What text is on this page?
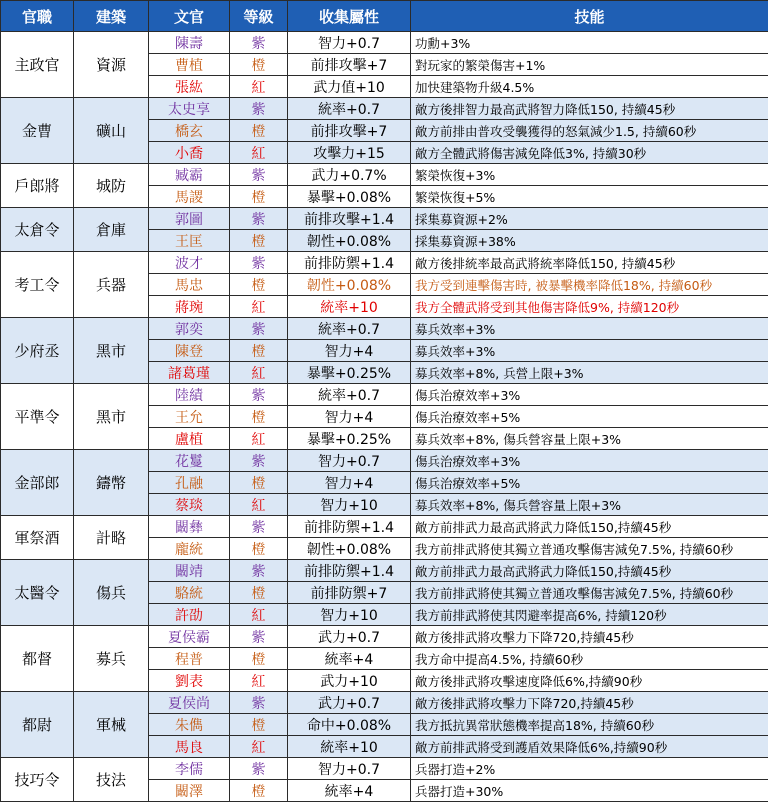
官職	建築	文官	等級	收集屬性	技能
主政官	資源	陳壽	紫	智力+0.7	功勳+3%
		曹植	橙	前排攻擊+7	對玩家的繁榮傷害+1%
		張紘	紅	武力值+10	加快建築物升級4.5%
金曹	礦山	太史享	紫	統率+0.7	敵方後排智力最高武將智力降低150, 持續45秒
		橋玄	橙	前排攻擊+7	敵方前排由普攻受襲獲得的怒氣減少1.5, 持續60秒
		小喬	紅	攻擊力+15	敵方全體武將傷害減免降低3%, 持續30秒
戶郎將	城防	臧霸	紫	武力+0.7%	繁榮恢復+3%
		馬謖	橙	暴擊+0.08%	繁榮恢復+5%
太倉令	倉庫	郭圖	紫	前排攻擊+1.4	採集募資源+2%
		王匡	橙	韌性+0.08%	採集募資源+38%
考工令	兵器	波才	紫	前排防禦+1.4	敵方後排統率最高武將統率降低150, 持續45秒
		馬忠	橙	韌性+0.08%	我方受到連擊傷害時, 被暴擊機率降低18%, 持續60秒
		蔣琬	紅	統率+10	我方全體武將受到其他傷害降低9%, 持續120秒
少府丞	黑市	郭奕	紫	統率+0.7	募兵效率+3%
		陳登	橙	智力+4	募兵效率+3%
		諸葛瑾	紅	暴擊+0.25%	募兵效率+8%, 兵營上限+3%
平準令	黑市	陸績	紫	統率+0.7	傷兵治療效率+3%
		王允	橙	智力+4	傷兵治療效率+5%
		盧植	紅	暴擊+0.25%	募兵效率+8%, 傷兵營容量上限+3%
金部郎	鑄幣	花鬘	紫	智力+0.7	傷兵治療效率+3%
		孔融	橙	智力+4	傷兵治療效率+5%
		蔡琰	紅	智力+10	募兵效率+8%, 傷兵營容量上限+3%
軍祭酒	計略	闞彝	紫	前排防禦+1.4	敵方前排武力最高武將武力降低150,持續45秒
		龐統	橙	韌性+0.08%	我方前排武將使其獨立普通攻擊傷害減免7.5%, 持續60秒
太醫令	傷兵	闞靖	紫	前排防禦+1.4	敵方前排武力最高武將武力降低150,持續45秒
		駱統	橙	前排防禦+7	我方前排武將使其獨立普通攻擊傷害減免7.5%, 持續60秒
		許劭	紅	智力+10	我方前排武將使其閃避率提高6%, 持續120秒
都督	募兵	夏侯霸	紫	武力+0.7	敵方後排武將攻擊力下降720,持續45秒
		程普	橙	統率+4	我方命中提高4.5%, 持續60秒
		劉表	紅	武力+10	敵方後排武將攻擊速度降低6%,持續90秒
都尉	軍械	夏侯尚	紫	武力+0.7	敵方後排武將攻擊力下降720,持續45秒
		朱儁	橙	命中+0.08%	我方抵抗異常狀態機率提高18%, 持續60秒
		馬良	紅	統率+10	敵方前排武將受到護盾效果降低6%,持續90秒
技巧令	技法	李儒	紫	智力+0.7	兵器打造+2%
		闞澤	橙	統率+4	兵器打造+30%
